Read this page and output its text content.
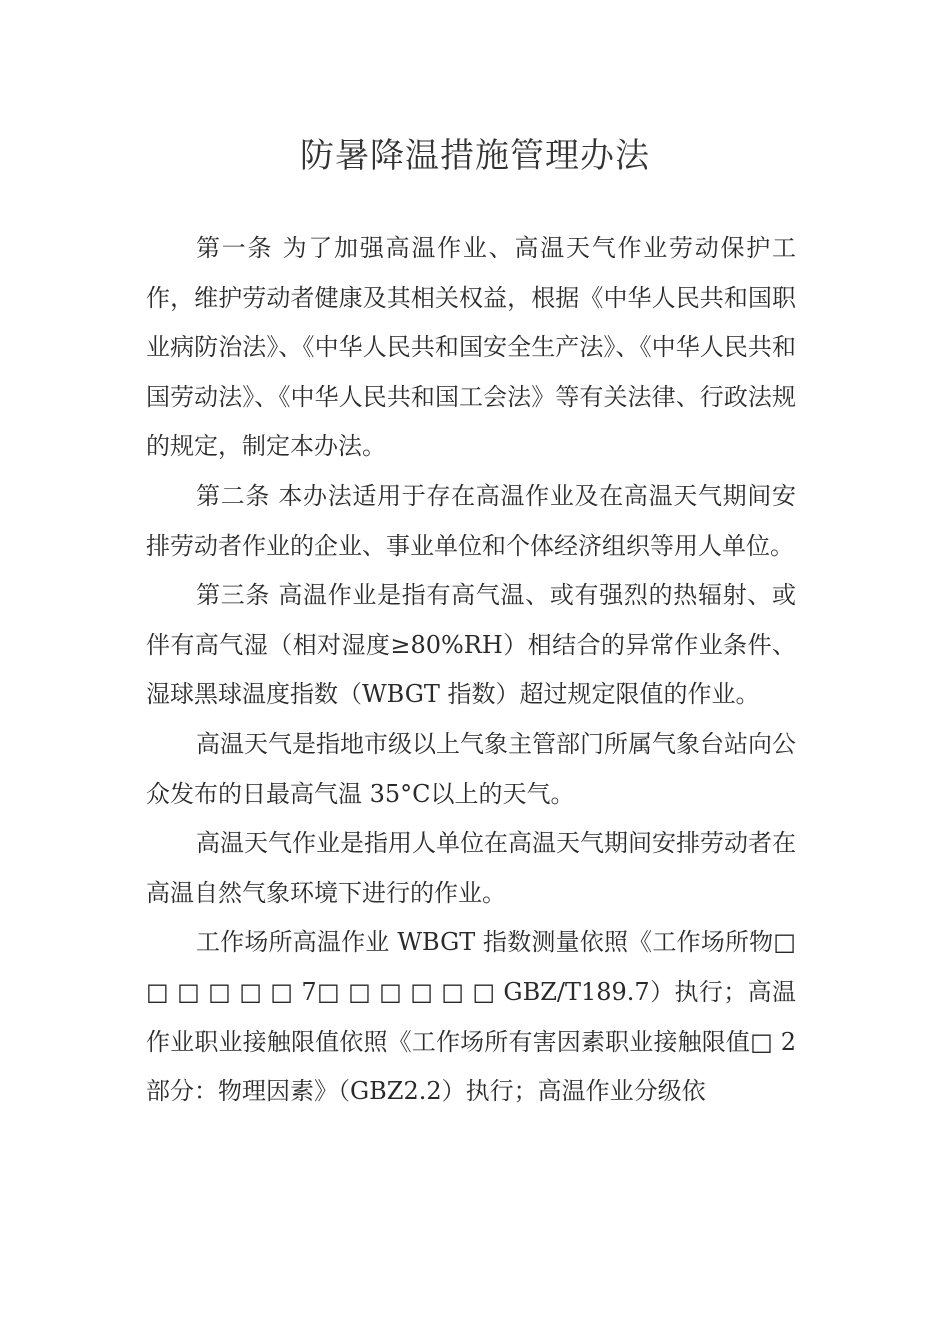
防暑降温措施管理办法

第一条 为了加强高温作业、高温天气作业劳动保护工作，维护劳动者健康及其相关权益，根据《中华人民共和国职业病防治法》、《中华人民共和国安全生产法》、《中华人民共和国劳动法》、《中华人民共和国工会法》等有关法律、行政法规的规定，制定本办法。

第二条 本办法适用于存在高温作业及在高温天气期间安排劳动者作业的企业、事业单位和个体经济组织等用人单位。

第三条 高温作业是指有高气温、或有强烈的热辐射、或伴有高气湿（相对湿度≥80%RH）相结合的异常作业条件、湿球黑球温度指数（WBGT 指数）超过规定限值的作业。

高温天气是指地市级以上气象主管部门所属气象台站向公众发布的日最高气温 35°C以上的天气。

高温天气作业是指用人单位在高温天气期间安排劳动者在高温自然气象环境下进行的作业。

工作场所高温作业 WBGT 指数测量依照《工作场所物□ □ □ □ □ □ 7□ □ □ □ □ □ GBZ/T189.7）执行；高温作业职业接触限值依照《工作场所有害因素职业接触限值□ 2 部分：物理因素》（GBZ2.2）执行；高温作业分级依
